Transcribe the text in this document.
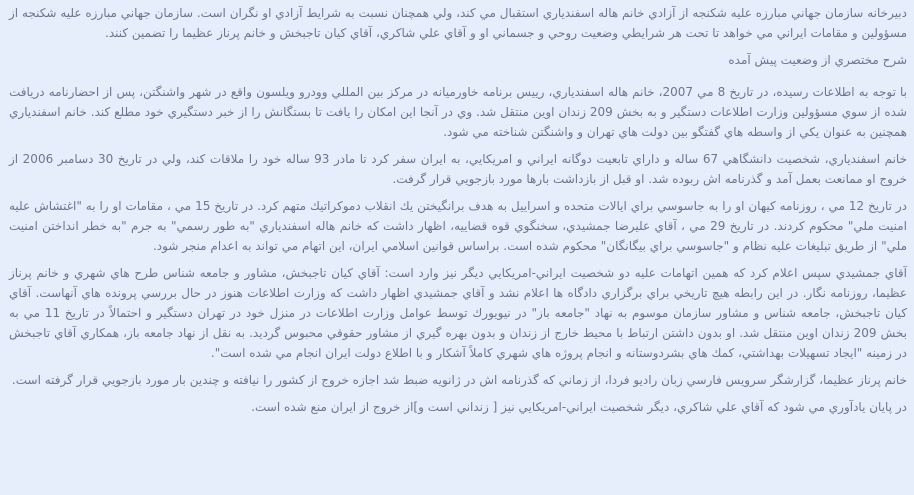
دبيرخانه سازمان جهاني مبارزه عليه شكنجه از آزادي خانم هاله اسفندياري استقبال مي كند، ولي همچنان نسبت به شرايط آزادي او نگران است. سازمان جهاني مبارزه عليه شكنجه از مسؤولين و مقامات ايراني مي خواهد تا تحت هر شرايطي وضعيت روحي و جسماني او و آقاي علي شاكري، آقاي كيان تاجبخش و خانم پرناز عظيما را تضمين كنند.

شرح مختصري از وضعيت پيش آمده

با توجه به اطلاعات رسيده، در تاريخ 8 مي 2007، خانم هاله اسفندياري، رييس برنامه خاورميانه در مركز بين المللي وودرو ويلسون واقع در شهر واشنگتن، پس از احضارنامه دريافت شده از سوي مسؤولين وزارت اطلاعات دستگير و به بخش 209 زندان اوين منتقل شد. وي در آنجا اين امكان را يافت تا بستگانش را از خبر دستگيري خود مطلع كند. خانم اسفندياري همچنين به عنوان يكي از واسطه هاي گفتگو بين دولت هاي تهران و واشنگتن شناخته مي شود.

خانم اسفندياري، شخصيت دانشگاهي 67 ساله و داراي تابعيت دوگانه ايراني و امريكايي، به ايران سفر كرد تا مادر 93 ساله خود را ملاقات كند، ولي در تاريخ 30 دسامبر 2006 از خروج او ممانعت بعمل آمد و گذرنامه اش ربوده شد. او قبل از بازداشت بارها مورد بازجويي قرار گرفت.

در تاريخ 12 مي ، روزنامه كيهان او را به جاسوسي براي ايالات متحده و اسراييل به هدف برانگيختن يك انقلاب دموكراتيك متهم كرد. در تاريخ 15 مي ، مقامات او را به "اغتشاش عليه امنيت ملي" محكوم كردند. در تاريخ 29 مي ، آقاي عليرضا جمشيدي، سخنگوي قوه قضاييه، اظهار داشت كه خانم هاله اسفندياري "به طور رسمي" به جرم "به خطر انداختن امنيت ملي" از طريق تبليغات عليه نظام و "جاسوسي براي بيگانگان" محكوم شده است. براساس قوانين اسلامي ايران، اين اتهام مي تواند به اعدام منجر شود.

آقاي جمشيدي سپس اعلام كرد كه همين اتهامات عليه دو شخصيت ايراني-امريكايي ديگر نيز وارد است: آقاي كيان تاجبخش، مشاور و جامعه شناس طرح هاي شهري و خانم پرناز عظيما، روزنامه نگار. در اين رابطه هيچ تاريخي براي برگزاري دادگاه ها اعلام نشد و آقاي جمشيدي اظهار داشت كه وزارت اطلاعات هنوز در حال بررسي پرونده هاي آنهاست. آقاي كيان تاجبخش، جامعه شناس و مشاور سازمان موسوم به نهاد "جامعه باز" در نيويورك توسط عوامل وزارت اطلاعات در منزل خود در تهران دستگير و احتمالاً در تاريخ 11 مي به بخش 209 زندان اوين منتقل شد. او بدون داشتن ارتباط با محيط خارج از زندان و بدون بهره گيري از مشاور حقوقي محبوس گرديد. به نقل از نهاد جامعه باز، همكاري آقاي تاجبخش در زمينه "ايجاد تسهيلات بهداشتي، كمك هاي بشردوستانه و انجام پروژه هاي شهري كاملاً آشكار و با اطلاع دولت ايران انجام مي شده است".

خانم پرناز عظيما، گزارشگر سرويس فارسي زبان راديو فردا، از زماني كه گذرنامه اش در ژانويه ضبط شد اجازه خروج از كشور را نيافته و چندين بار مورد بازجويي قرار گرفته است.

در پايان يادآوري مي شود كه آقاي علي شاكري، ديگر شخصيت ايراني-امريكايي نيز [ زنداني است و]از خروج از ايران منع شده است.
